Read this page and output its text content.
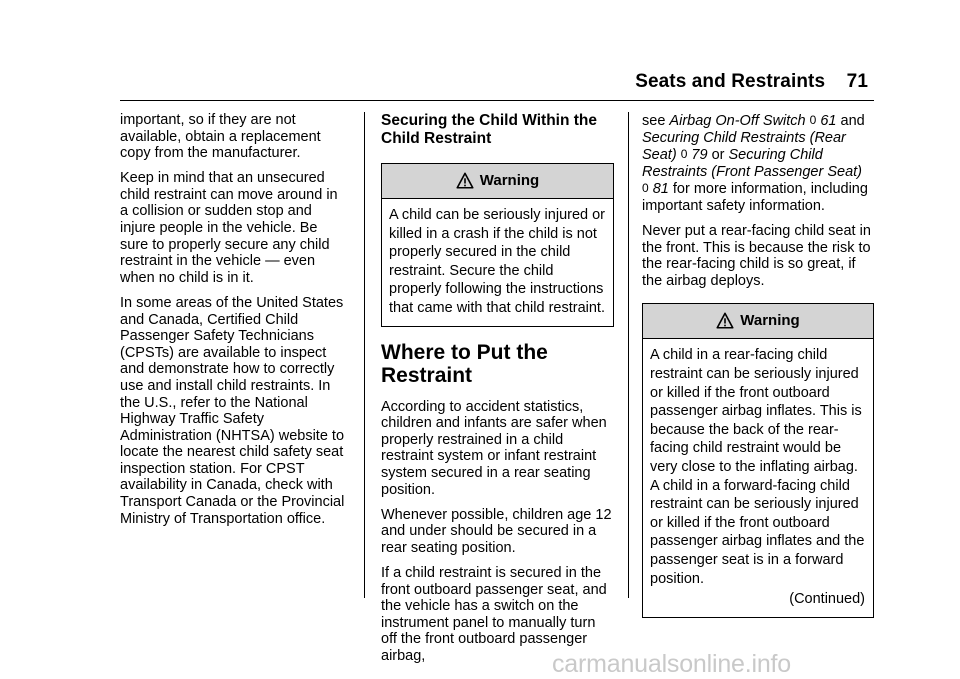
Seats and Restraints    71

important, so if they are not available, obtain a replacement copy from the manufacturer.

Keep in mind that an unsecured child restraint can move around in a collision or sudden stop and injure people in the vehicle. Be sure to properly secure any child restraint in the vehicle — even when no child is in it.

In some areas of the United States and Canada, Certified Child Passenger Safety Technicians (CPSTs) are available to inspect and demonstrate how to correctly use and install child restraints. In the U.S., refer to the National Highway Traffic Safety Administration (NHTSA) website to locate the nearest child safety seat inspection station. For CPST availability in Canada, check with Transport Canada or the Provincial Ministry of Transportation office.

Securing the Child Within the Child Restraint
Warning
A child can be seriously injured or killed in a crash if the child is not properly secured in the child restraint. Secure the child properly following the instructions that came with that child restraint.
Where to Put the Restraint

According to accident statistics, children and infants are safer when properly restrained in a child restraint system or infant restraint system secured in a rear seating position.

Whenever possible, children age 12 and under should be secured in a rear seating position.

If a child restraint is secured in the front outboard passenger seat, and the vehicle has a switch on the instrument panel to manually turn off the front outboard passenger airbag,

see Airbag On-Off Switch 0 61 and Securing Child Restraints (Rear Seat) 0 79 or Securing Child Restraints (Front Passenger Seat)
0 81 for more information, including important safety information.

Never put a rear-facing child seat in the front. This is because the risk to the rear-facing child is so great, if the airbag deploys.

Warning
A child in a rear-facing child restraint can be seriously injured or killed if the front outboard passenger airbag inflates. This is because the back of the rear-facing child restraint would be very close to the inflating airbag. A child in a forward-facing child restraint can be seriously injured or killed if the front outboard passenger airbag inflates and the passenger seat is in a forward position.
(Continued)
carmanualsonline.info
